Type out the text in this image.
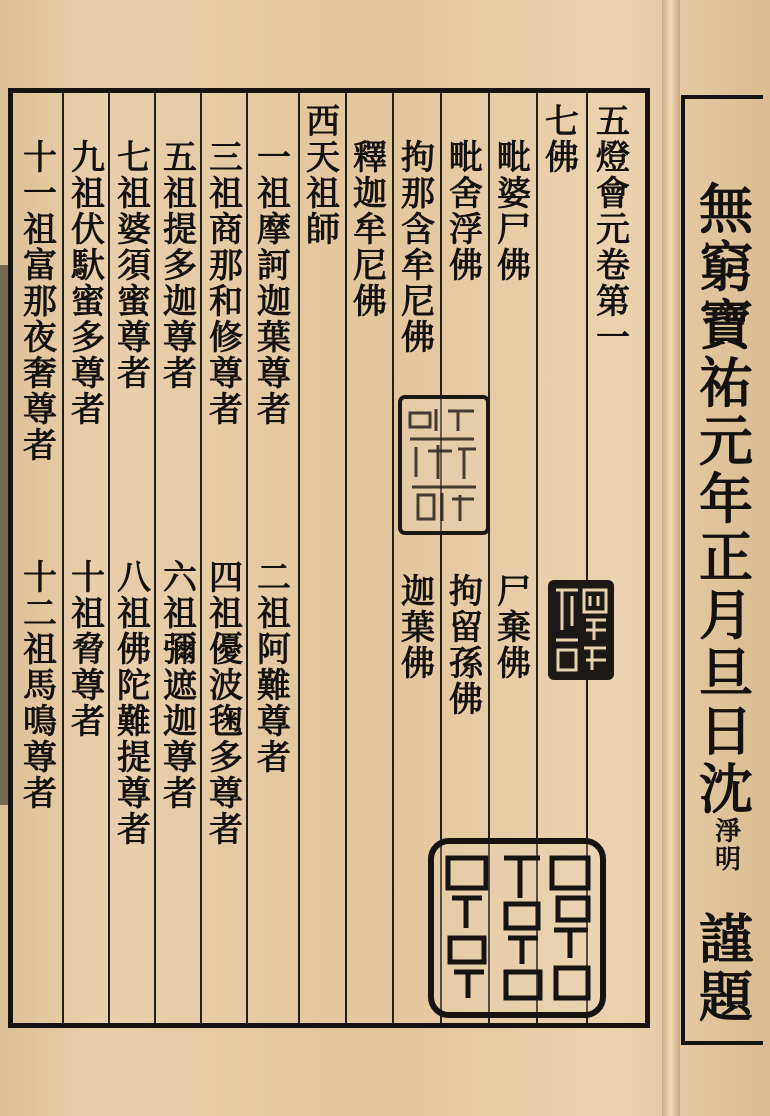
五燈會元卷第一
七佛
毗婆尸佛
毗舍浮佛
拘那含牟尼佛
釋迦牟尼佛
尸棄佛
拘留孫佛
迦葉佛
西天祖師
一祖摩訶迦葉尊者
三祖商那和修尊者
五祖提多迦尊者
七祖婆須蜜尊者
九祖伏馱蜜多尊者
十一祖富那夜奢尊者
二祖阿難尊者
四祖優波毱多尊者
六祖彌遮迦尊者
八祖佛陀難提尊者
十祖脅尊者
十二祖馬鳴尊者
無窮寶祐元年正月旦日沈
淨明
謹題
